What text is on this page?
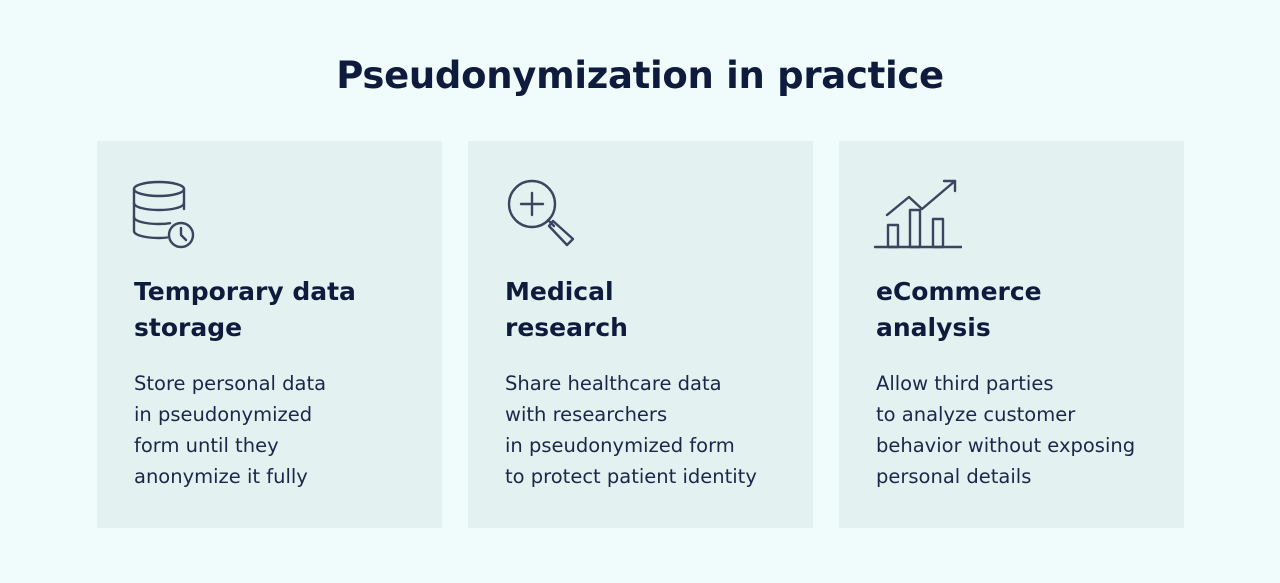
Pseudonymization in practice

Temporary data
storage

Store personal data
in pseudonymized
form until they
anonymize it fully

Medical
research

Share healthcare data
with researchers
in pseudonymized form
to protect patient identity

eCommerce
analysis

Allow third parties
to analyze customer
behavior without exposing
personal details
